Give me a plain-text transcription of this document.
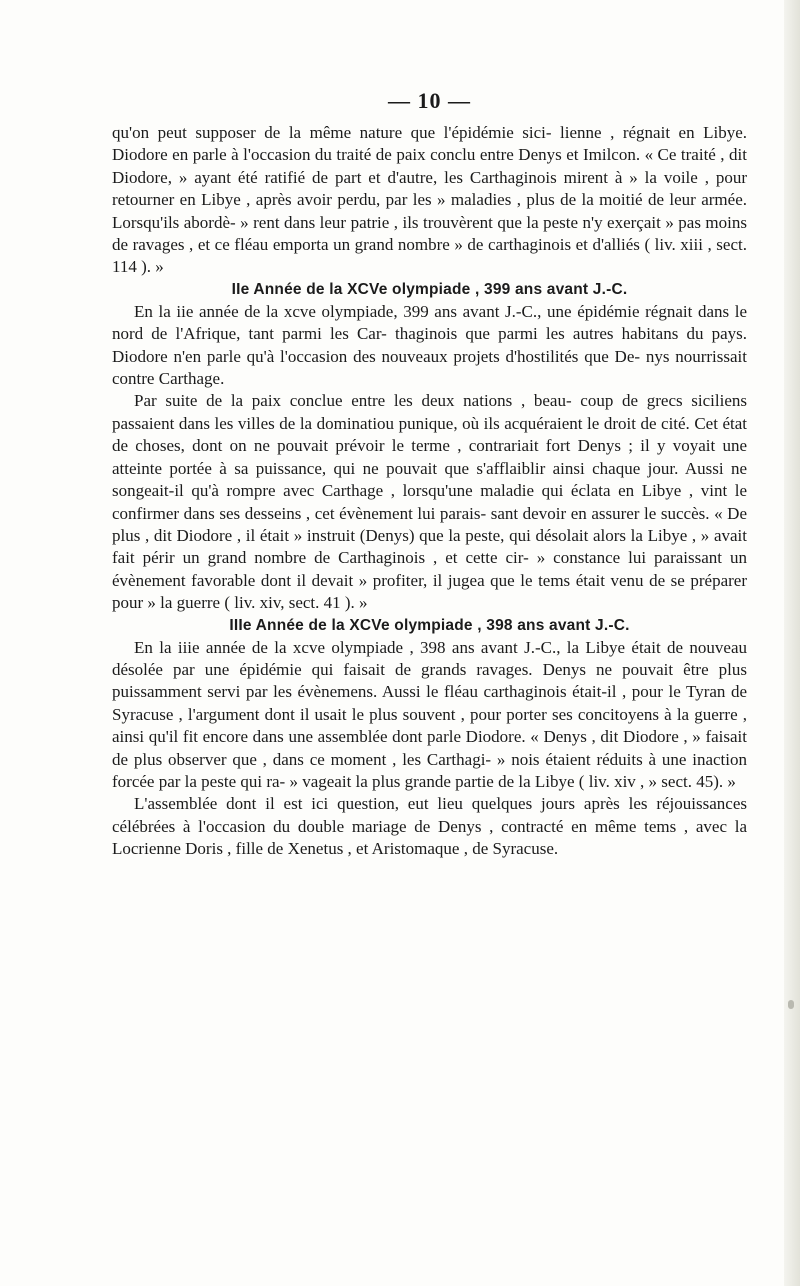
— 10 —

qu'on peut supposer de la même nature que l'épidémie sici- lienne , régnait en Libye. Diodore en parle à l'occasion du traité de paix conclu entre Denys et Imilcon. « Ce traité , dit Diodore, » ayant été ratifié de part et d'autre, les Carthaginois mirent à » la voile , pour retourner en Libye , après avoir perdu, par les » maladies , plus de la moitié de leur armée. Lorsqu'ils abordè- » rent dans leur patrie , ils trouvèrent que la peste n'y exerçait » pas moins de ravages , et ce fléau emporta un grand nombre » de carthaginois et d'alliés ( liv. xiii , sect. 114 ). »

IIe Année de la XCVe olympiade , 399 ans avant J.-C.

En la iie année de la xcve olympiade, 399 ans avant J.-C., une épidémie régnait dans le nord de l'Afrique, tant parmi les Car- thaginois que parmi les autres habitans du pays. Diodore n'en parle qu'à l'occasion des nouveaux projets d'hostilités que De- nys nourrissait contre Carthage.

Par suite de la paix conclue entre les deux nations , beau- coup de grecs siciliens passaient dans les villes de la dominatiou punique, où ils acquéraient le droit de cité. Cet état de choses, dont on ne pouvait prévoir le terme , contrariait fort Denys ; il y voyait une atteinte portée à sa puissance, qui ne pouvait que s'afflaiblir ainsi chaque jour. Aussi ne songeait-il qu'à rompre avec Carthage , lorsqu'une maladie qui éclata en Libye , vint le confirmer dans ses desseins , cet évènement lui parais- sant devoir en assurer le succès. « De plus , dit Diodore , il était » instruit (Denys) que la peste, qui désolait alors la Libye , » avait fait périr un grand nombre de Carthaginois , et cette cir- » constance lui paraissant un évènement favorable dont il devait » profiter, il jugea que le tems était venu de se préparer pour » la guerre ( liv. xiv, sect. 41 ). »

IIIe Année de la XCVe olympiade , 398 ans avant J.-C.

En la iiie année de la xcve olympiade , 398 ans avant J.-C., la Libye était de nouveau désolée par une épidémie qui faisait de grands ravages. Denys ne pouvait être plus puissamment servi par les évènemens. Aussi le fléau carthaginois était-il , pour le Tyran de Syracuse , l'argument dont il usait le plus souvent , pour porter ses concitoyens à la guerre , ainsi qu'il fit encore dans une assemblée dont parle Diodore. « Denys , dit Diodore , » faisait de plus observer que , dans ce moment , les Carthagi- » nois étaient réduits à une inaction forcée par la peste qui ra- » vageait la plus grande partie de la Libye ( liv. xiv , » sect. 45). »

L'assemblée dont il est ici question, eut lieu quelques jours après les réjouissances célébrées à l'occasion du double mariage de Denys , contracté en même tems , avec la Locrienne Doris , fille de Xenetus , et Aristomaque , de Syracuse.
